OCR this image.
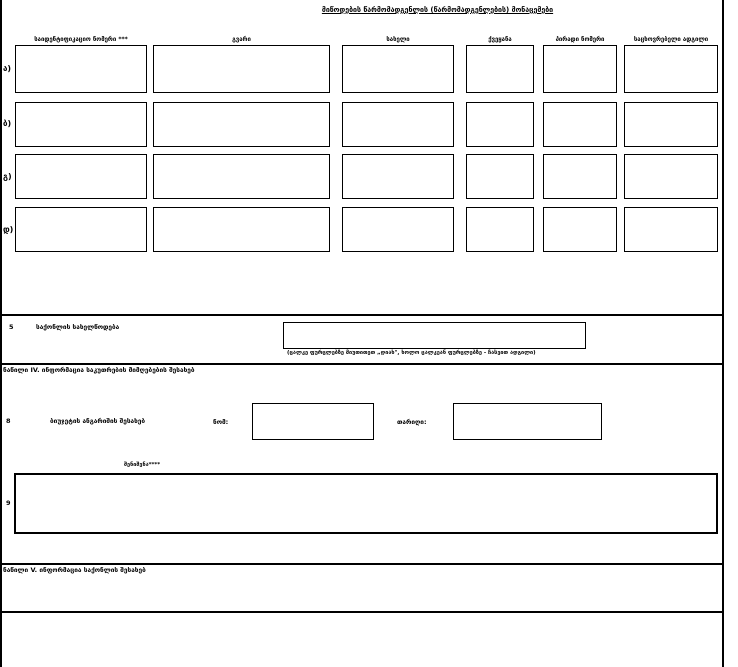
მიწოდების წარმომადგენლის (წარმომადგენლების) მონაცემები
საიდენტიფიკაციო ნომერი ***	გვარი	სახელი	ქვეყანა	პირადი ნომერი	საცხოვრებელი ადგილი
ა)
ბ)
გ)
დ)
5	საქონლის სახელწოდება
(ცალკე ფურცლებზე მიუთითეთ „დიახ", ხოლო ცალკეან ფურცლებზე - ჩასვით ადგილი)
ნაწილი IV. ინფორმაცია საკუთრების მიმღებების შესახებ
8	ბიუჯეტის ანგარიშის შესახებ	ნომ:	თარიღი:
შენიშვნა****
9
ნაწილი V. ინფორმაცია საქონლის შესახებ
